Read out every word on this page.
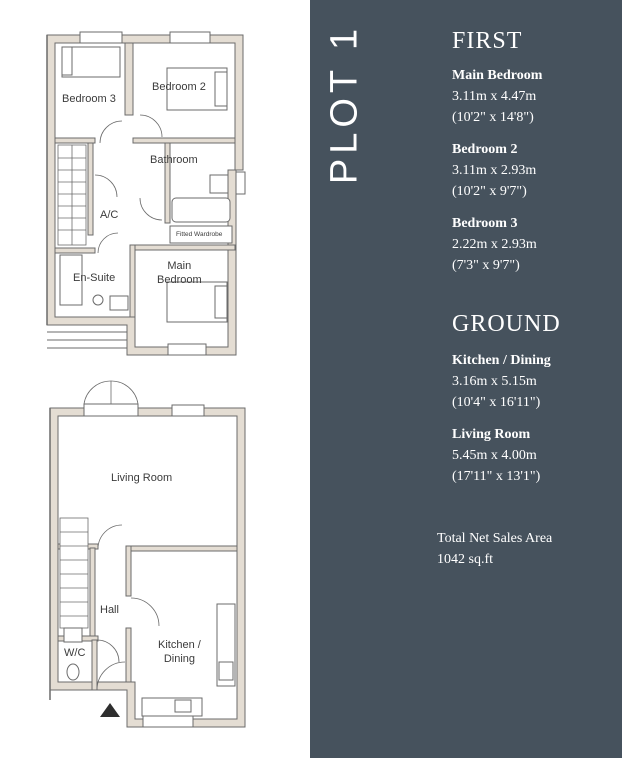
Bedroom 3
Bedroom 2
Bathroom
A/C
Fitted Wardrobe
Main
Bedroom
En-Suite
Living Room
Hall
Kitchen /
Dining
W/C
PLOT 1	FIRST
Main Bedroom
3.11m x 4.47m
(10'2" x 14'8")
Bedroom 2
3.11m x 2.93m
(10'2" x 9'7")
Bedroom 3
2.22m x 2.93m
(7'3" x 9'7")
GROUND
Kitchen / Dining
3.16m x 5.15m
(10'4" x 16'11")
Living Room
5.45m x 4.00m
(17'11" x 13'1")
Total Net Sales Area
1042 sq.ft
